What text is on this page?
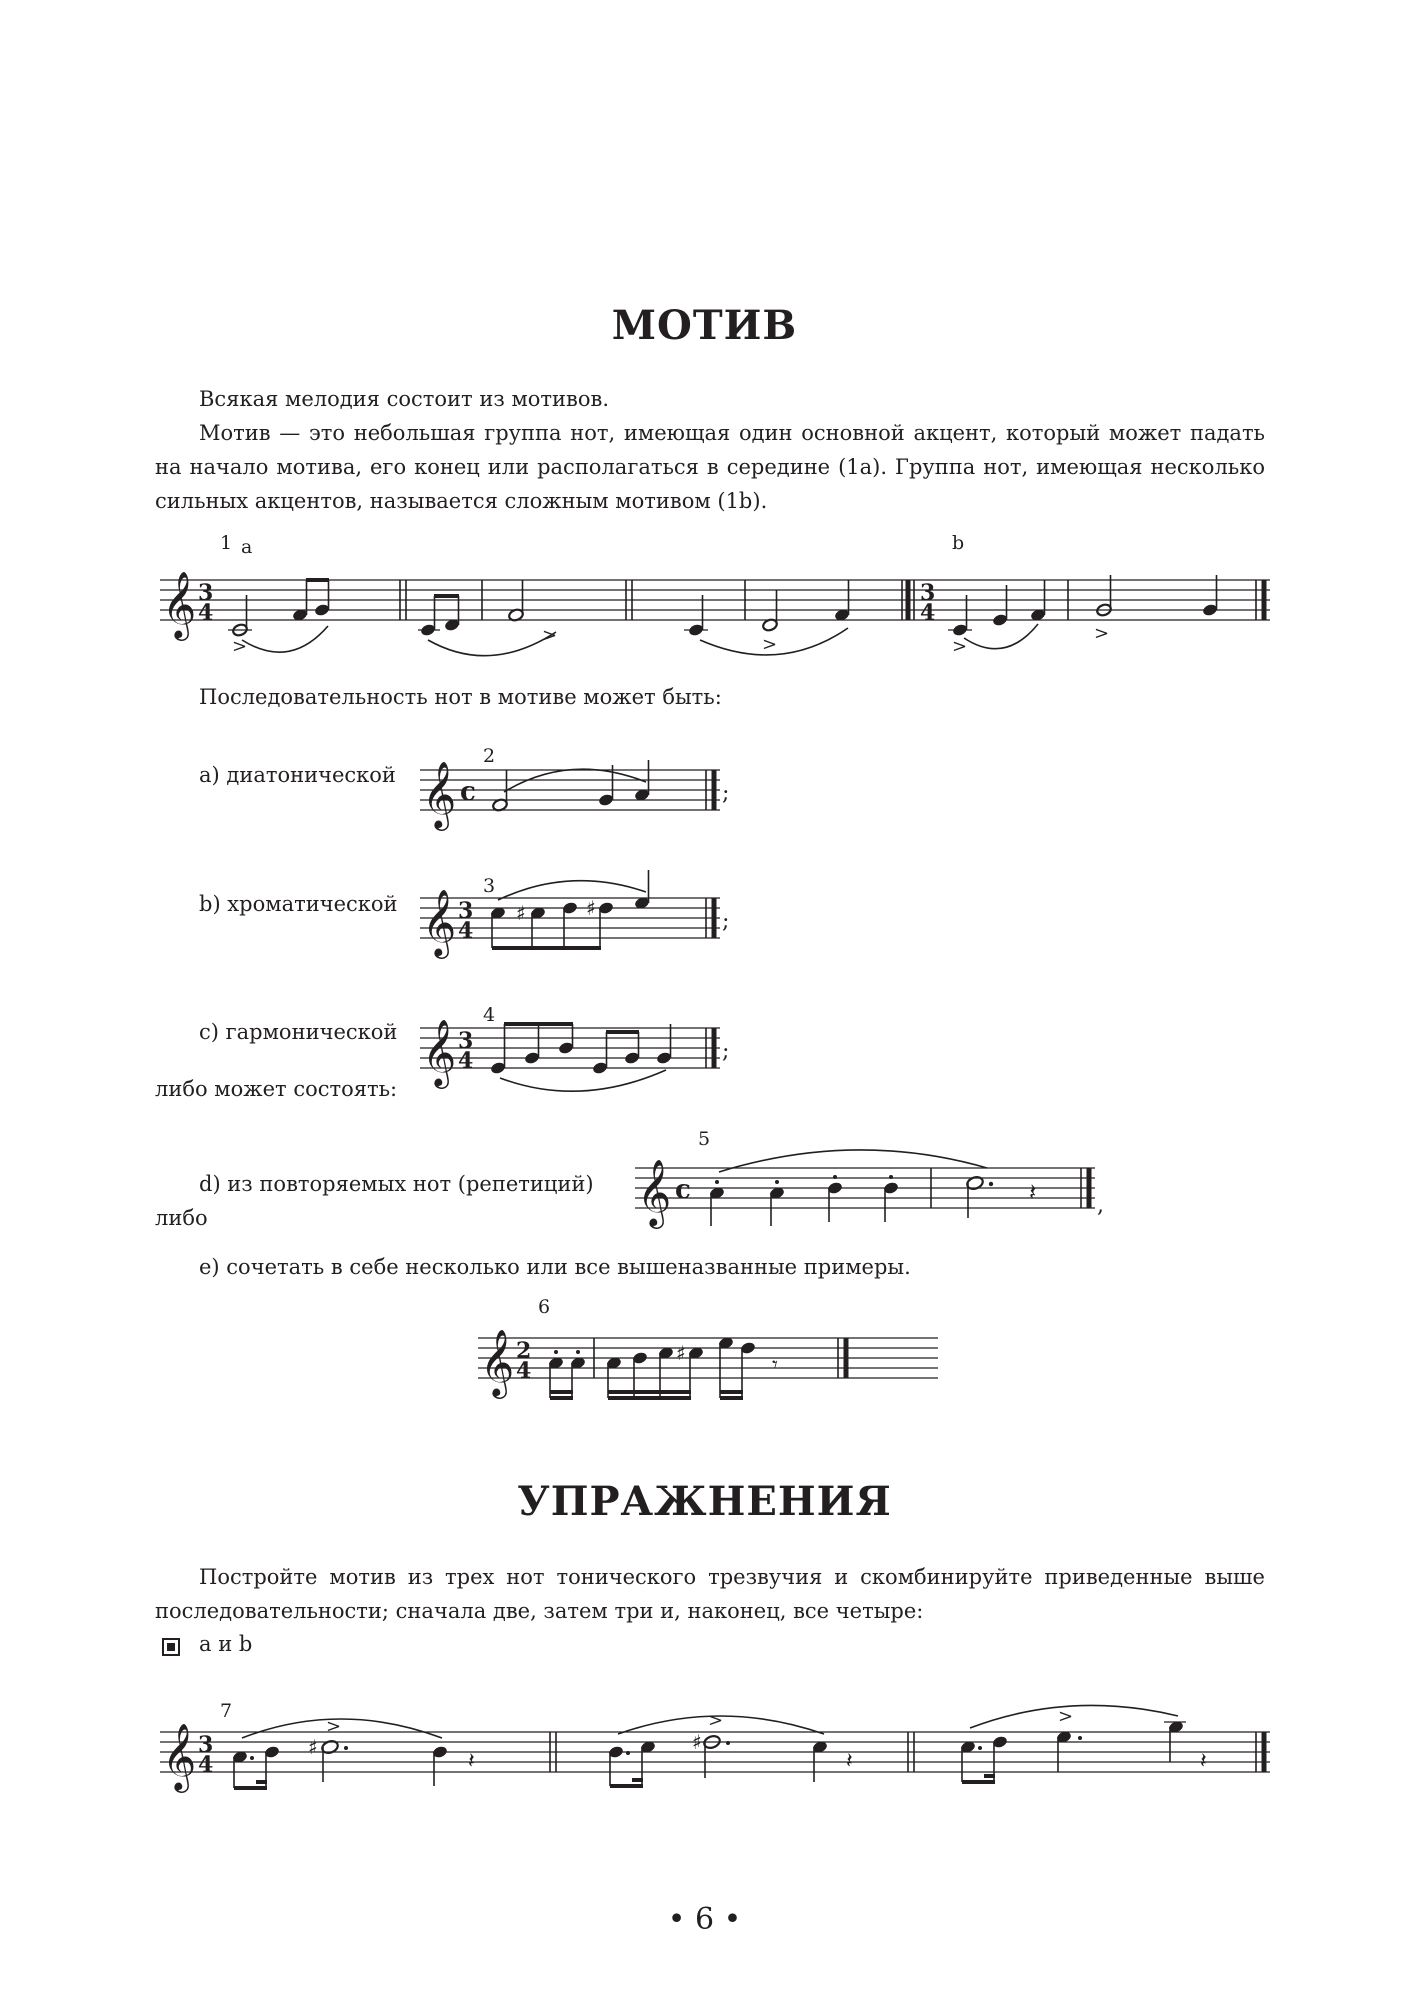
МОТИВ

Всякая мелодия состоит из мотивов.

Мотив — это небольшая группа нот, имеющая один основной акцент, который может падать на начало мотива, его конец или располагаться в середине (1a). Группа нот, имеющая несколько сильных акцентов, называется сложным мотивом (1b).

1 a	b
𝄞 3
4
>
>	>
3
4
>
>
Последовательность нот в мотиве может быть:
2
a) диатонической 𝄞 c	;
3
b) хроматической 𝄞 3
4
♯	♯
;
4
c) гармонической 𝄞 3
4	;
либо может состоять:
5
d) из повторяемых нот (репетиций)
либо	𝄞 c	𝄽	,
e) сочетать в себе несколько или все вышеназванные примеры.
6
𝄞 2
4
♯	𝄾
УПРАЖНЕНИЯ

Постройте мотив из трех нот тонического трезвучия и скомбинируйте приведенные выше последовательности; сначала две, затем три и, наконец, все четыре:

a и b
7
𝄞 3
4
♯
>
𝄽
♯
>
𝄽
>
𝄽
• 6 •
